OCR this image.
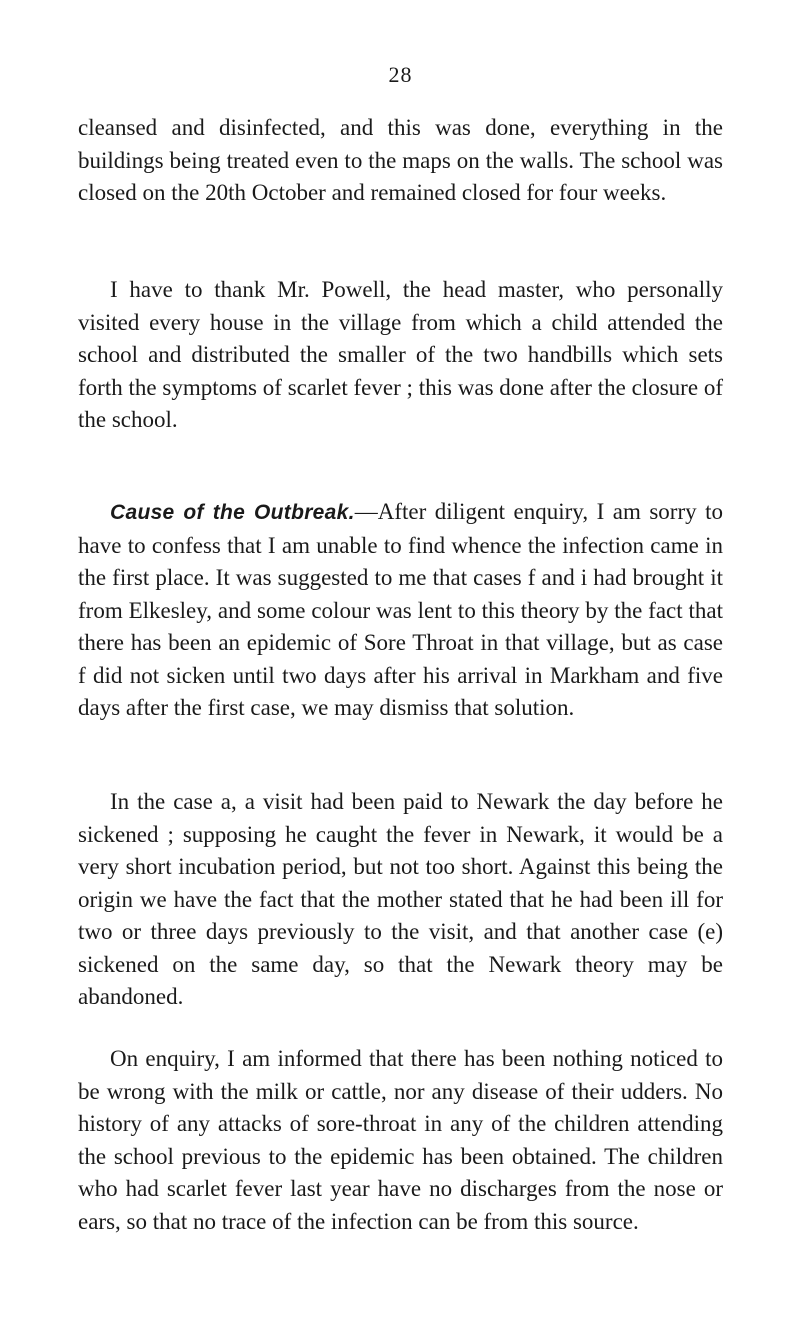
28

cleansed and disinfected, and this was done, everything in the buildings being treated even to the maps on the walls. The school was closed on the 20th October and remained closed for four weeks.

I have to thank Mr. Powell, the head master, who personally visited every house in the village from which a child attended the school and distributed the smaller of the two handbills which sets forth the symptoms of scarlet fever ; this was done after the closure of the school.

Cause of the Outbreak.—After diligent enquiry, I am sorry to have to confess that I am unable to find whence the infection came in the first place. It was suggested to me that cases f and i had brought it from Elkesley, and some colour was lent to this theory by the fact that there has been an epidemic of Sore Throat in that village, but as case f did not sicken until two days after his arrival in Markham and five days after the first case, we may dismiss that solution.

In the case a, a visit had been paid to Newark the day before he sickened ; supposing he caught the fever in Newark, it would be a very short incubation period, but not too short. Against this being the origin we have the fact that the mother stated that he had been ill for two or three days previously to the visit, and that another case (e) sickened on the same day, so that the Newark theory may be abandoned.

On enquiry, I am informed that there has been nothing noticed to be wrong with the milk or cattle, nor any disease of their udders. No history of any attacks of sore-throat in any of the children attending the school previous to the epidemic has been obtained. The children who had scarlet fever last year have no discharges from the nose or ears, so that no trace of the infection can be from this source.
